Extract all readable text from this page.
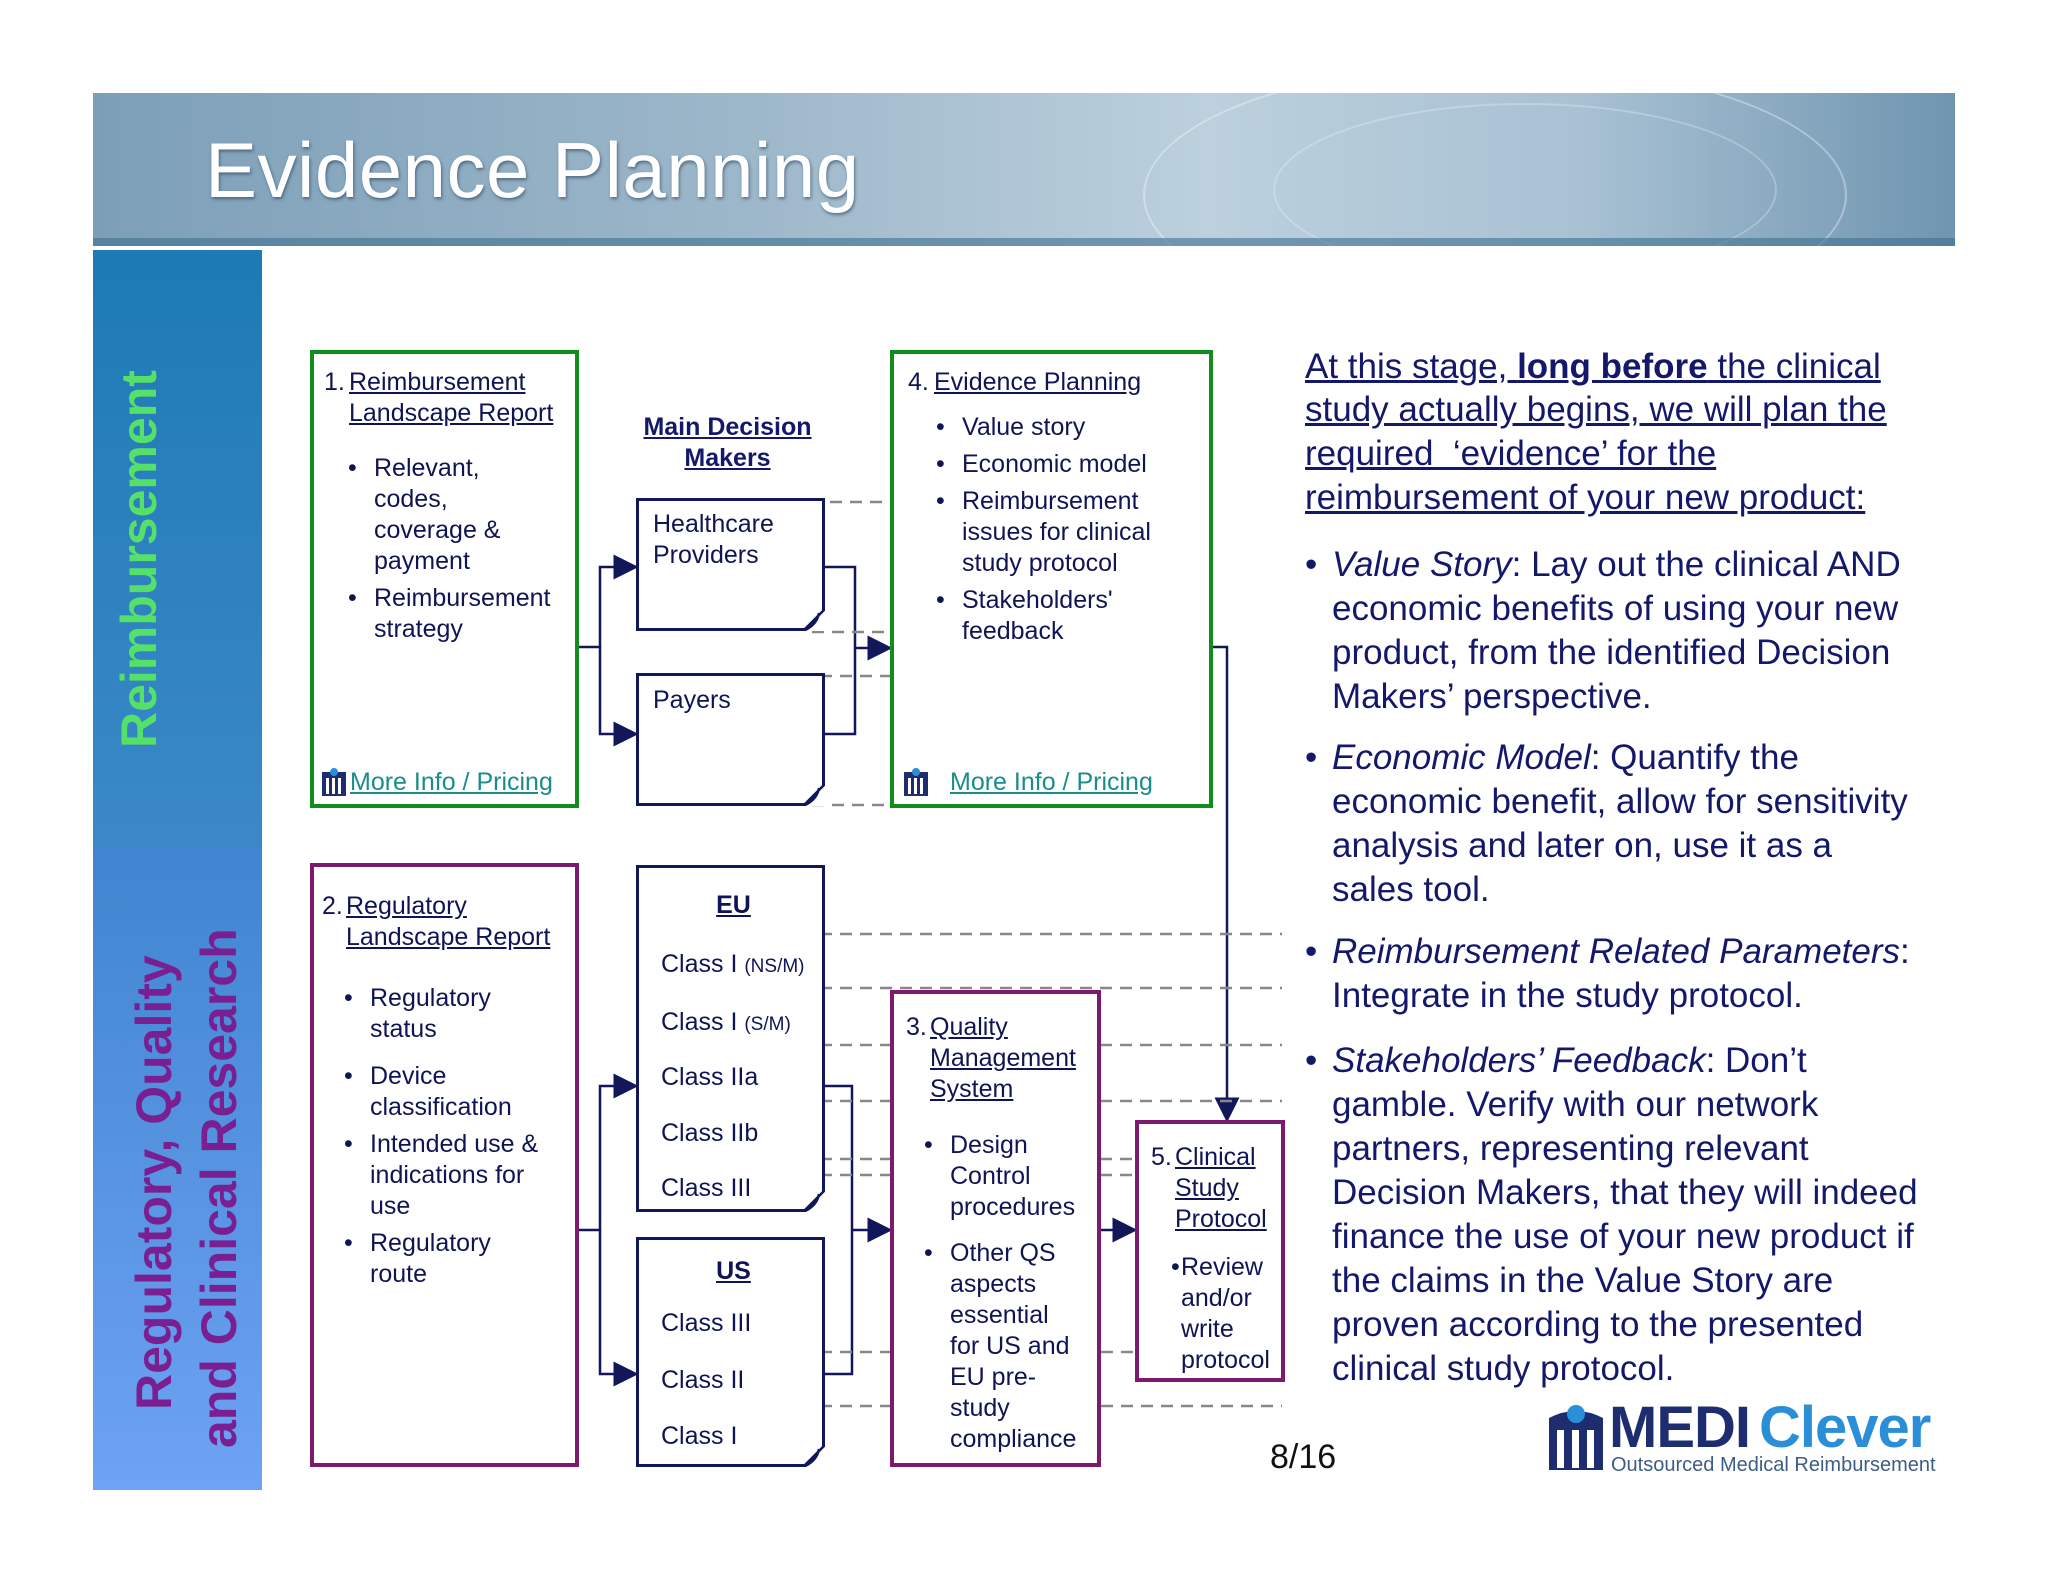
Evidence Planning
Reimbursement
Regulatory, Quality and Clinical Research
1. Reimbursement
Landscape Report
• Relevant,
codes,
coverage &
payment
• Reimbursement
strategy
More Info / Pricing
Main Decision
Makers
Healthcare
Providers
Payers
4. Evidence Planning
• Value story
• Economic model
• Reimbursement
issues for clinical
study protocol
• Stakeholders'
feedback
More Info / Pricing
2. Regulatory
Landscape Report
• Regulatory
status
• Device
classification
• Intended use &
indications for
use
• Regulatory
route
EU
Class I (NS/M)
Class I (S/M)
Class IIa
Class IIb
Class III
US
Class III
Class II
Class I
3. Quality
Management
System
• Design
Control
procedures
• Other QS
aspects
essential
for US and
EU pre-
study
compliance
5. Clinical
Study
Protocol
• Review
and/or
write
protocol
At this stage, long before the clinical
study actually begins, we will plan the
required  ‘evidence’ for the
reimbursement of your new product:
• Value Story: Lay out the clinical AND
economic benefits of using your new
product, from the identified Decision
Makers’ perspective.
• Economic Model: Quantify the
economic benefit, allow for sensitivity
analysis and later on, use it as a
sales tool.
• Reimbursement Related Parameters:
Integrate in the study protocol.
• Stakeholders’ Feedback: Don’t
gamble. Verify with our network
partners, representing relevant
Decision Makers, that they will indeed
finance the use of your new product if
the claims in the Value Story are
proven according to the presented
clinical study protocol.
8/16	MEDI Clever
Outsourced Medical Reimbursement
